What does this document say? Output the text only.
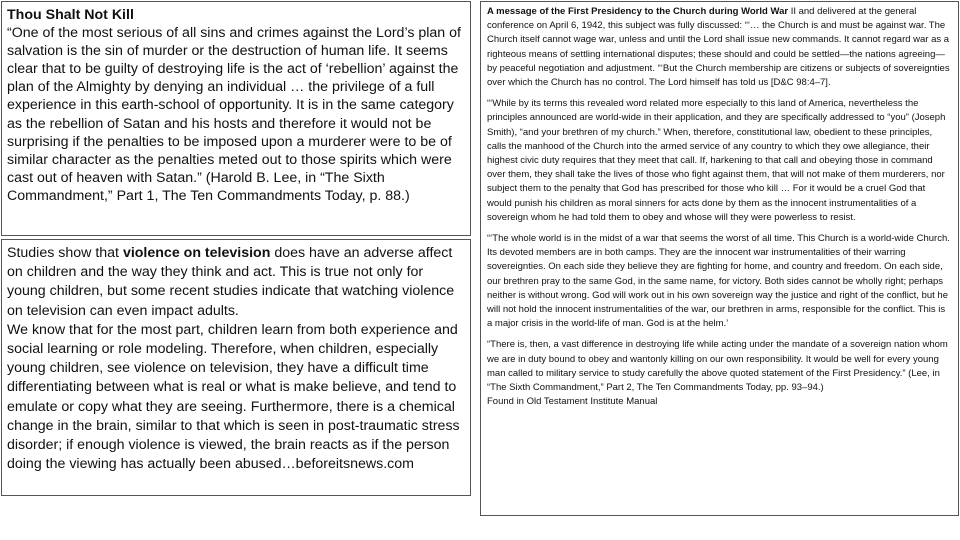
Thou Shalt Not Kill

“One of the most serious of all sins and crimes against the Lord’s plan of salvation is the sin of murder or the destruction of human life. It seems clear that to be guilty of destroying life is the act of ‘rebellion’ against the plan of the Almighty by denying an individual … the privilege of a full experience in this earth-school of opportunity. It is in the same category as the rebellion of Satan and his hosts and therefore it would not be surprising if the penalties to be imposed upon a murderer were to be of similar character as the penalties meted out to those spirits which were cast out of heaven with Satan.” (Harold B. Lee, in “The Sixth Commandment,” Part 1, The Ten Commandments Today, p. 88.)

Studies show that violence on television does have an adverse affect on children and the way they think and act. This is true not only for young children, but some recent studies indicate that watching violence on television can even impact adults.

We know that for the most part, children learn from both experience and social learning or role modeling. Therefore, when children, especially young children, see violence on television, they have a difficult time differentiating between what is real or what is make believe, and tend to emulate or copy what they are seeing. Furthermore, there is a chemical change in the brain, similar to that which is seen in post-traumatic stress disorder; if enough violence is viewed, the brain reacts as if the person doing the viewing has actually been abused…beforeitsnews.com

A message of the First Presidency to the Church during World War II and delivered at the general conference on April 6, 1942, this subject was fully discussed: “‘… the Church is and must be against war. The Church itself cannot wage war, unless and until the Lord shall issue new commands. It cannot regard war as a righteous means of settling international disputes; these should and could be settled—the nations agreeing—by peaceful negotiation and adjustment. “‘But the Church membership are citizens or subjects of sovereignties over which the Church has no control. The Lord himself has told us [D&C 98:4–7].

“‘While by its terms this revealed word related more especially to this land of America, nevertheless the principles announced are world-wide in their application, and they are specifically addressed to “you” (Joseph Smith), “and your brethren of my church.” When, therefore, constitutional law, obedient to these principles, calls the manhood of the Church into the armed service of any country to which they owe allegiance, their highest civic duty requires that they meet that call. If, harkening to that call and obeying those in command over them, they shall take the lives of those who fight against them, that will not make of them murderers, nor subject them to the penalty that God has prescribed for those who kill … For it would be a cruel God that would punish his children as moral sinners for acts done by them as the innocent instrumentalities of a sovereign whom he had told them to obey and whose will they were powerless to resist.

“‘The whole world is in the midst of a war that seems the worst of all time. This Church is a world-wide Church. Its devoted members are in both camps. They are the innocent war instrumentalities of their warring sovereignties. On each side they believe they are fighting for home, and country and freedom. On each side, our brethren pray to the same God, in the same name, for victory. Both sides cannot be wholly right; perhaps neither is without wrong. God will work out in his own sovereign way the justice and right of the conflict, but he will not hold the innocent instrumentalities of the war, our brethren in arms, responsible for the conflict. This is a major crisis in the world-life of man. God is at the helm.’

“There is, then, a vast difference in destroying life while acting under the mandate of a sovereign nation whom we are in duty bound to obey and wantonly killing on our own responsibility. It would be well for every young man called to military service to study carefully the above quoted statement of the First Presidency.” (Lee, in “The Sixth Commandment,” Part 2, The Ten Commandments Today, pp. 93–94.)

Found in Old Testament Institute Manual
